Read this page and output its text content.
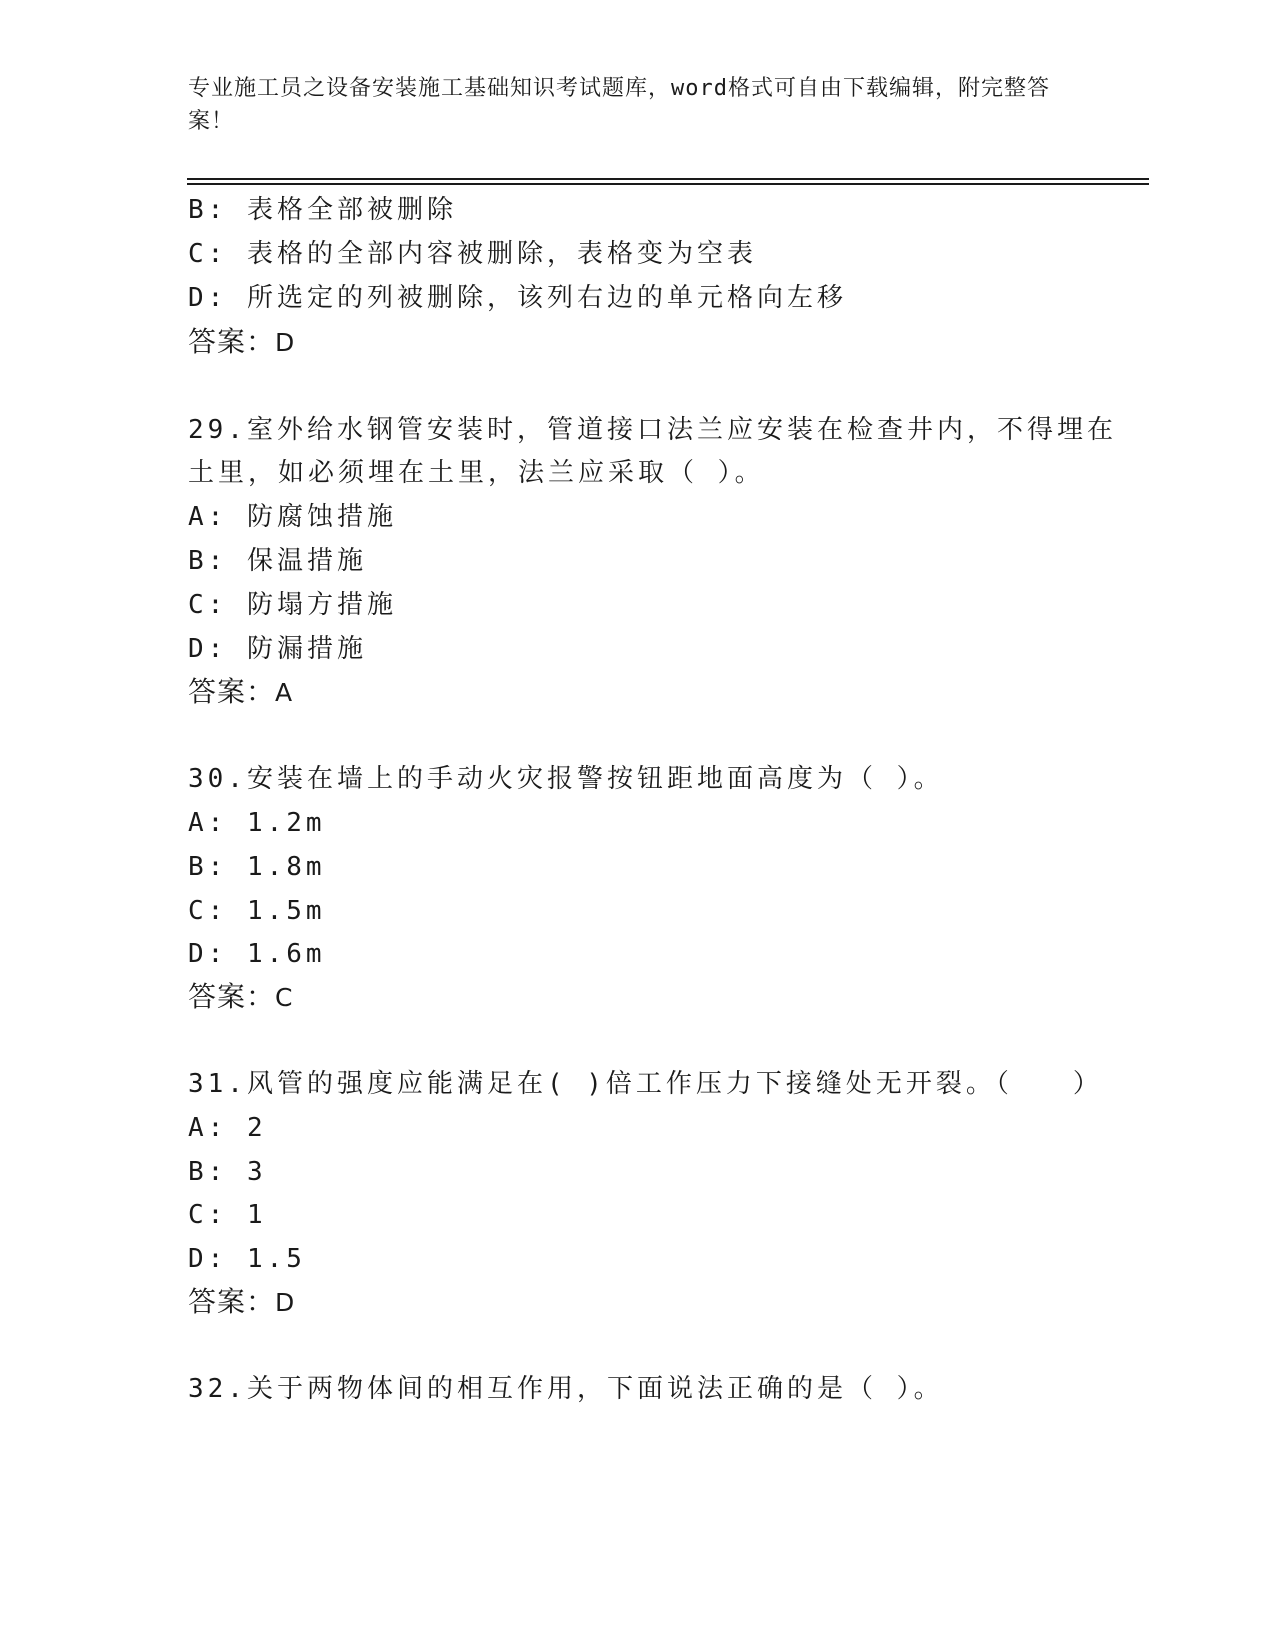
专业施工员之设备安装施工基础知识考试题库，word格式可自由下载编辑，附完整答案！
B: 表格全部被删除
C: 表格的全部内容被删除，表格变为空表
D: 所选定的列被删除，该列右边的单元格向左移
答案：D
29.室外给水钢管安装时，管道接口法兰应安装在检查井内，不得埋在
土里，如必须埋在土里，法兰应采取（ ）。
A: 防腐蚀措施
B: 保温措施
C: 防塌方措施
D: 防漏措施
答案：A
30.安装在墙上的手动火灾报警按钮距地面高度为（ ）。
A: 1.2m
B: 1.8m
C: 1.5m
D: 1.6m
答案：C
31.风管的强度应能满足在( )倍工作压力下接缝处无开裂。（　　）
A: 2
B: 3
C: 1
D: 1.5
答案：D
32.关于两物体间的相互作用，下面说法正确的是（ ）。
